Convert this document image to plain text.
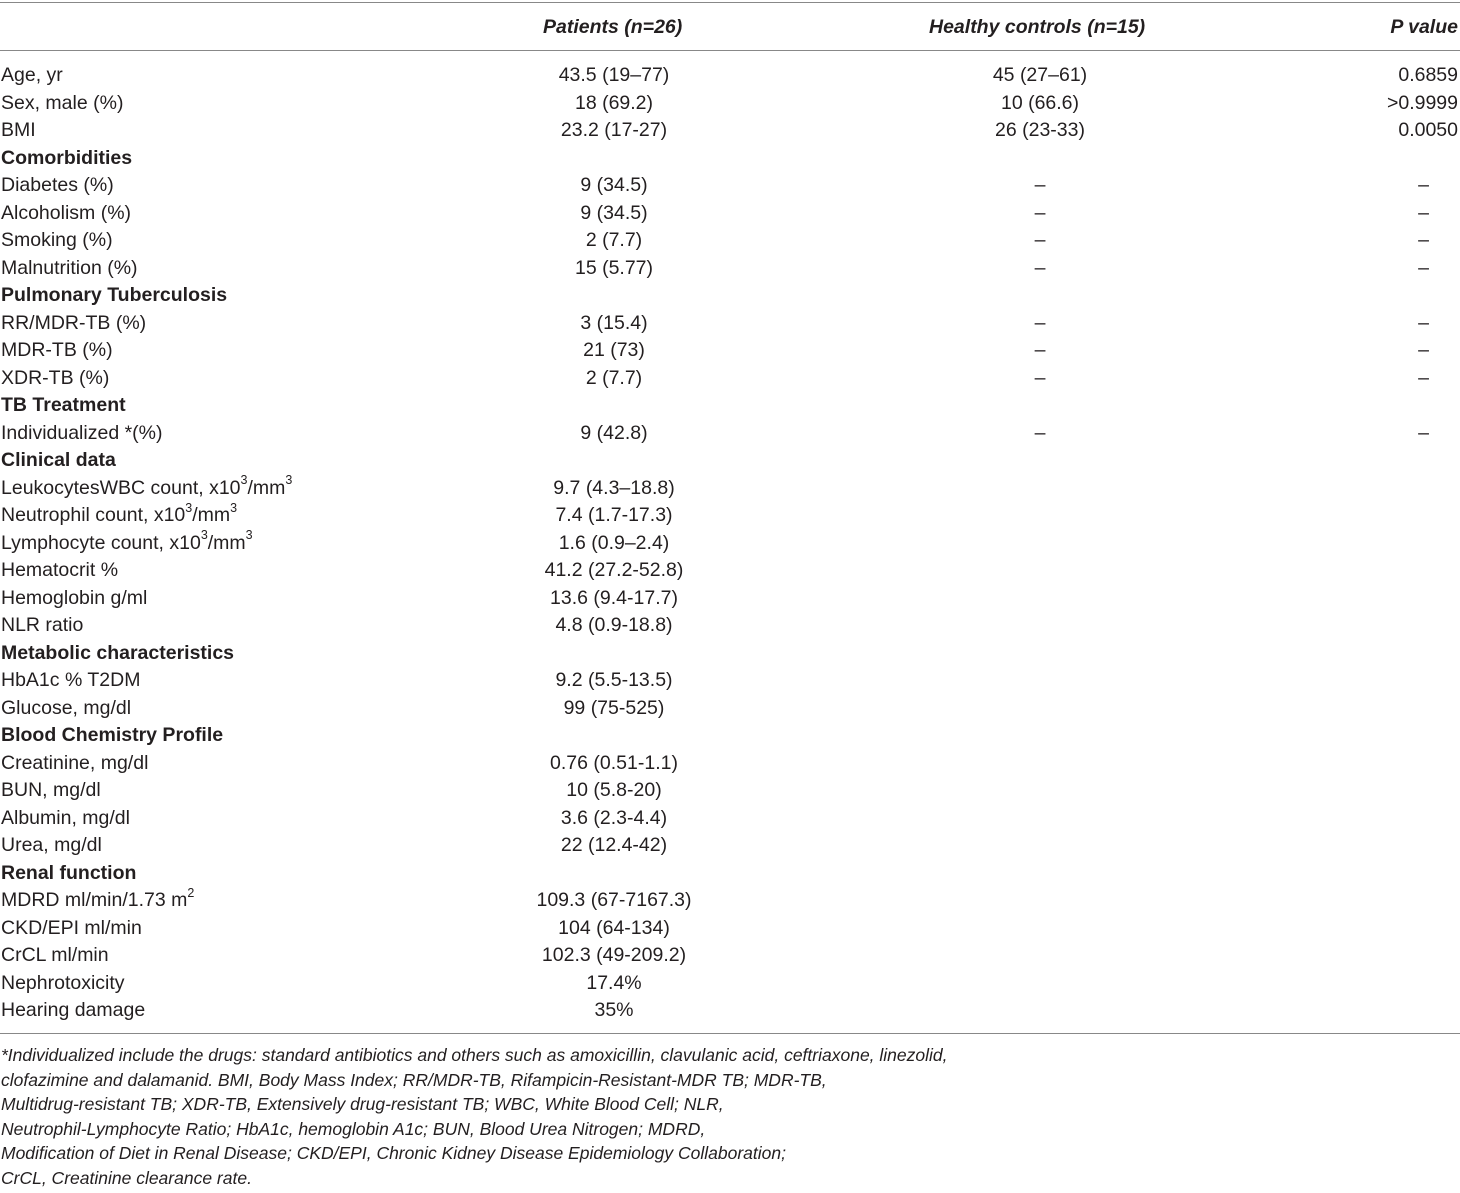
Patients (n=26)	Healthy controls (n=15)	P value
Age, yr	43.5 (19–77)	45 (27–61)	0.6859
Sex, male (%)	18 (69.2)	10 (66.6)	>0.9999
BMI	23.2 (17-27)	26 (23-33)	0.0050
Comorbidities
Diabetes (%)	9 (34.5)	–	–
Alcoholism (%)	9 (34.5)	–	–
Smoking (%)	2 (7.7)	–	–
Malnutrition (%)	15 (5.77)	–	–
Pulmonary Tuberculosis
RR/MDR-TB (%)	3 (15.4)	–	–
MDR-TB (%)	21 (73)	–	–
XDR-TB (%)	2 (7.7)	–	–
TB Treatment
Individualized *(%)	9 (42.8)	–	–
Clinical data
LeukocytesWBC count, $x10^3/mm^3$	9.7 (4.3–18.8)
Neutrophil count, $x10^3/mm^3$	7.4 (1.7-17.3)
Lymphocyte count, $x10^3/mm^3$	1.6 (0.9–2.4)
Hematocrit %	41.2 (27.2-52.8)
Hemoglobin g/ml	13.6 (9.4-17.7)
NLR ratio	4.8 (0.9-18.8)
Metabolic characteristics
HbA1c % T2DM	9.2 (5.5-13.5)
Glucose, mg/dl	99 (75-525)
Blood Chemistry Profile
Creatinine, mg/dl	0.76 (0.51-1.1)
BUN, mg/dl	10 (5.8-20)
Albumin, mg/dl	3.6 (2.3-4.4)
Urea, mg/dl	22 (12.4-42)
Renal function
MDRD ml/min/1.73 $m^2$	109.3 (67-7167.3)
CKD/EPI ml/min	104 (64-134)
CrCL ml/min	102.3 (49-209.2)
Nephrotoxicity	17.4%
Hearing damage	35%
*Individualized include the drugs: standard antibiotics and others such as amoxicillin, clavulanic acid, ceftriaxone, linezolid,
clofazimine and dalamanid. BMI, Body Mass Index; RR/MDR-TB, Rifampicin-Resistant-MDR TB; MDR-TB,
Multidrug-resistant TB; XDR-TB, Extensively drug-resistant TB; WBC, White Blood Cell; NLR,
Neutrophil-Lymphocyte Ratio; HbA1c, hemoglobin A1c; BUN, Blood Urea Nitrogen; MDRD,
Modification of Diet in Renal Disease; CKD/EPI, Chronic Kidney Disease Epidemiology Collaboration;
CrCL, Creatinine clearance rate.
